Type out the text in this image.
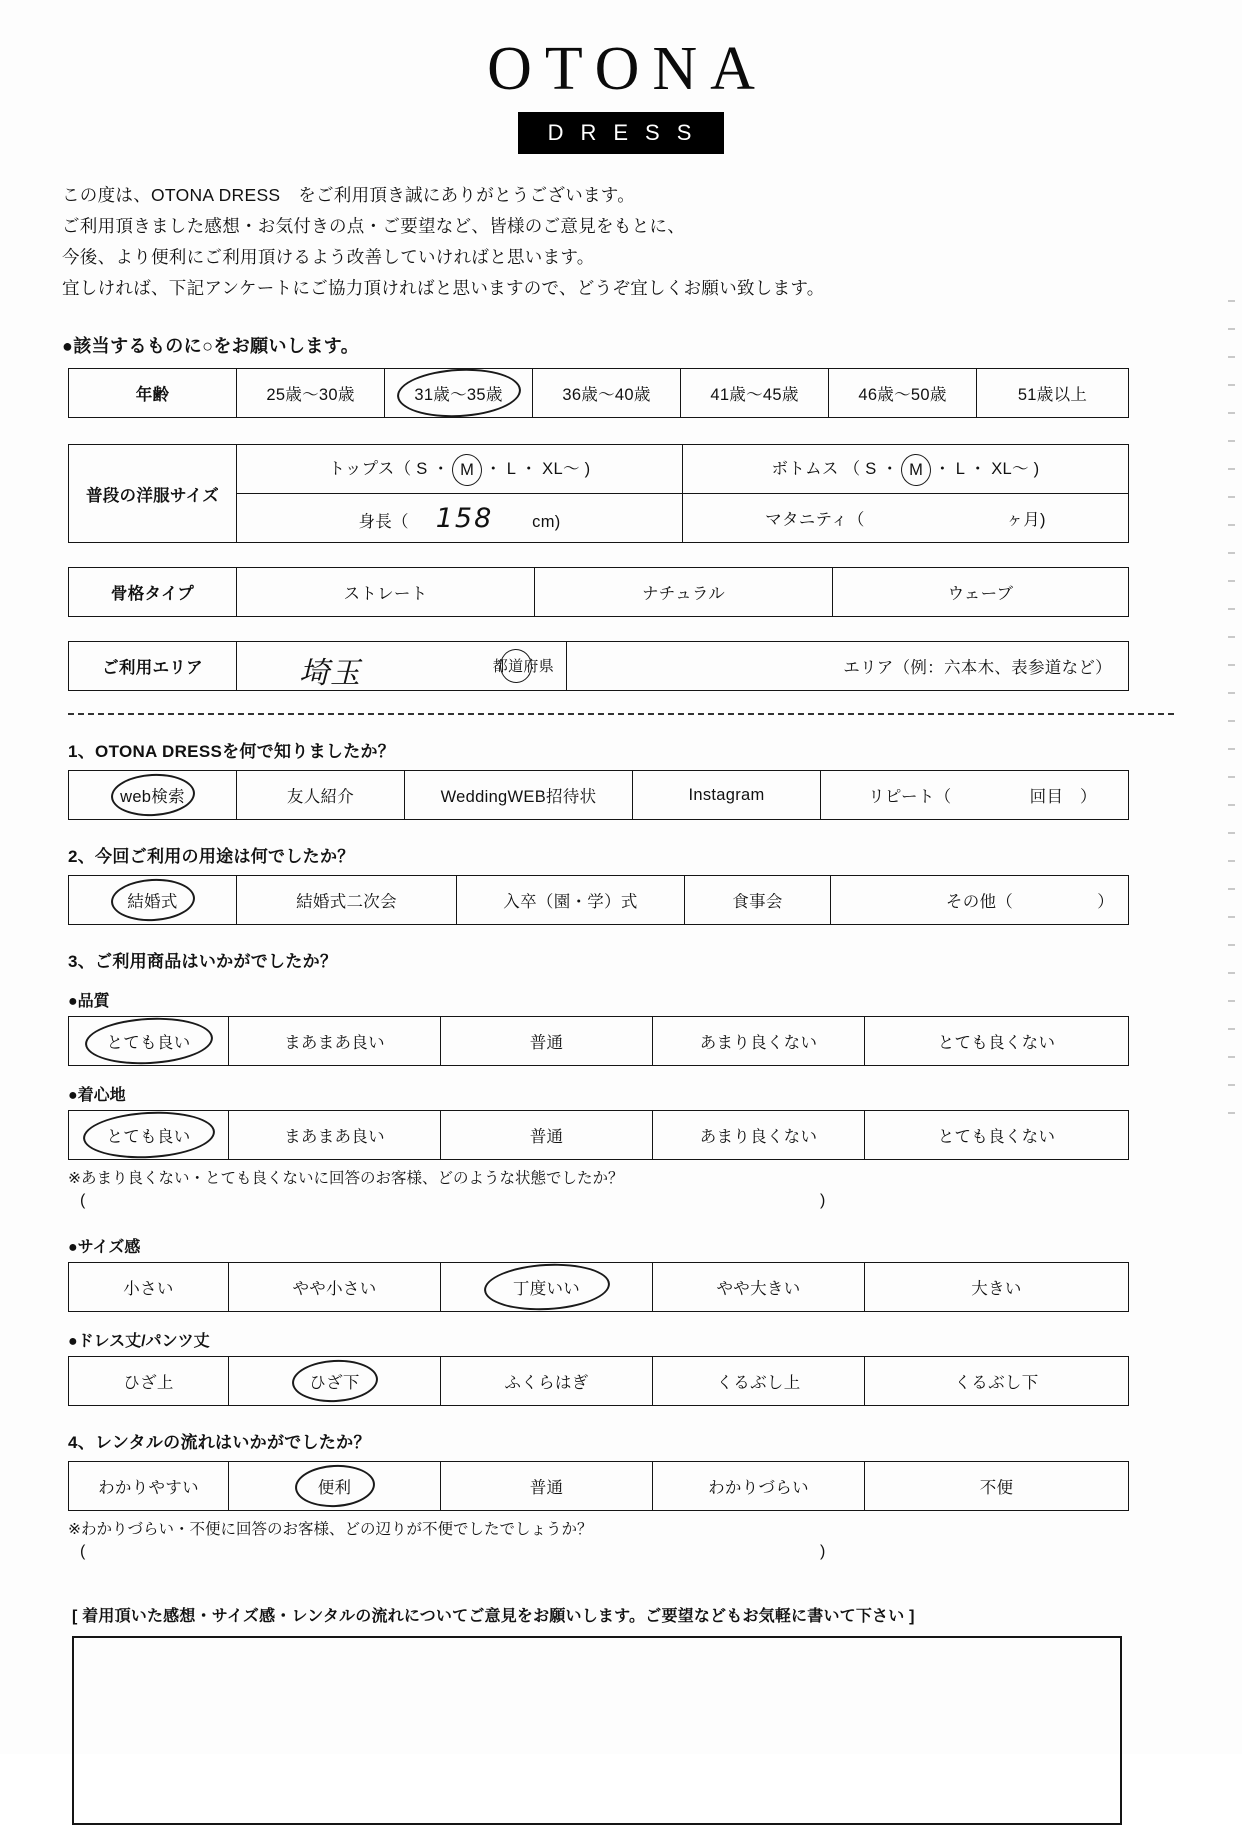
OTONA
DRESS
この度は、OTONA DRESS　をご利用頂き誠にありがとうございます。
ご利用頂きました感想・お気付きの点・ご要望など、皆様のご意見をもとに、
今後、より便利にご利用頂けるよう改善していければと思います。
宜しければ、下記アンケートにご協力頂ければと思いますので、どうぞ宜しくお願い致します。
●該当するものに○をお願いします。
年齢	25歳〜30歳	31歳〜35歳	36歳〜40歳	41歳〜45歳	46歳〜50歳	51歳以上
普段の洋服サイズ	トップス（ S ・ M ・ L ・ XL〜 )	ボトムス （ S ・ M ・ L ・ XL〜 )
	身長（ 158 cm)	マタニティ（ ヶ月)
骨格タイプ	ストレート	ナチュラル	ウェーブ
ご利用エリア	埼玉	都道府県	エリア（例：六本木、表参道など）
1、OTONA DRESSを何で知りましたか？
web検索	友人紹介	WeddingWEB招待状	Instagram	リピート（	回目　）
2、今回ご利用の用途は何でしたか？
結婚式	結婚式二次会	入卒（園・学）式	食事会	その他（	）
3、ご利用商品はいかがでしたか？
●品質
とても良い	まあまあ良い	普通	あまり良くない	とても良くない
●着心地
とても良い	まあまあ良い	普通	あまり良くない	とても良くない
※あまり良くない・とても良くないに回答のお客様、どのような状態でしたか？
(	)
●サイズ感
小さい	やや小さい	丁度いい	やや大きい	大きい
●ドレス丈/パンツ丈
ひざ上	ひざ下	ふくらはぎ	くるぶし上	くるぶし下
4、レンタルの流れはいかがでしたか？
わかりやすい	便利	普通	わかりづらい	不便
※わかりづらい・不便に回答のお客様、どの辺りが不便でしたでしょうか？
(	)
[ 着用頂いた感想・サイズ感・レンタルの流れについてご意見をお願いします。ご要望などもお気軽に書いて下さい ]
